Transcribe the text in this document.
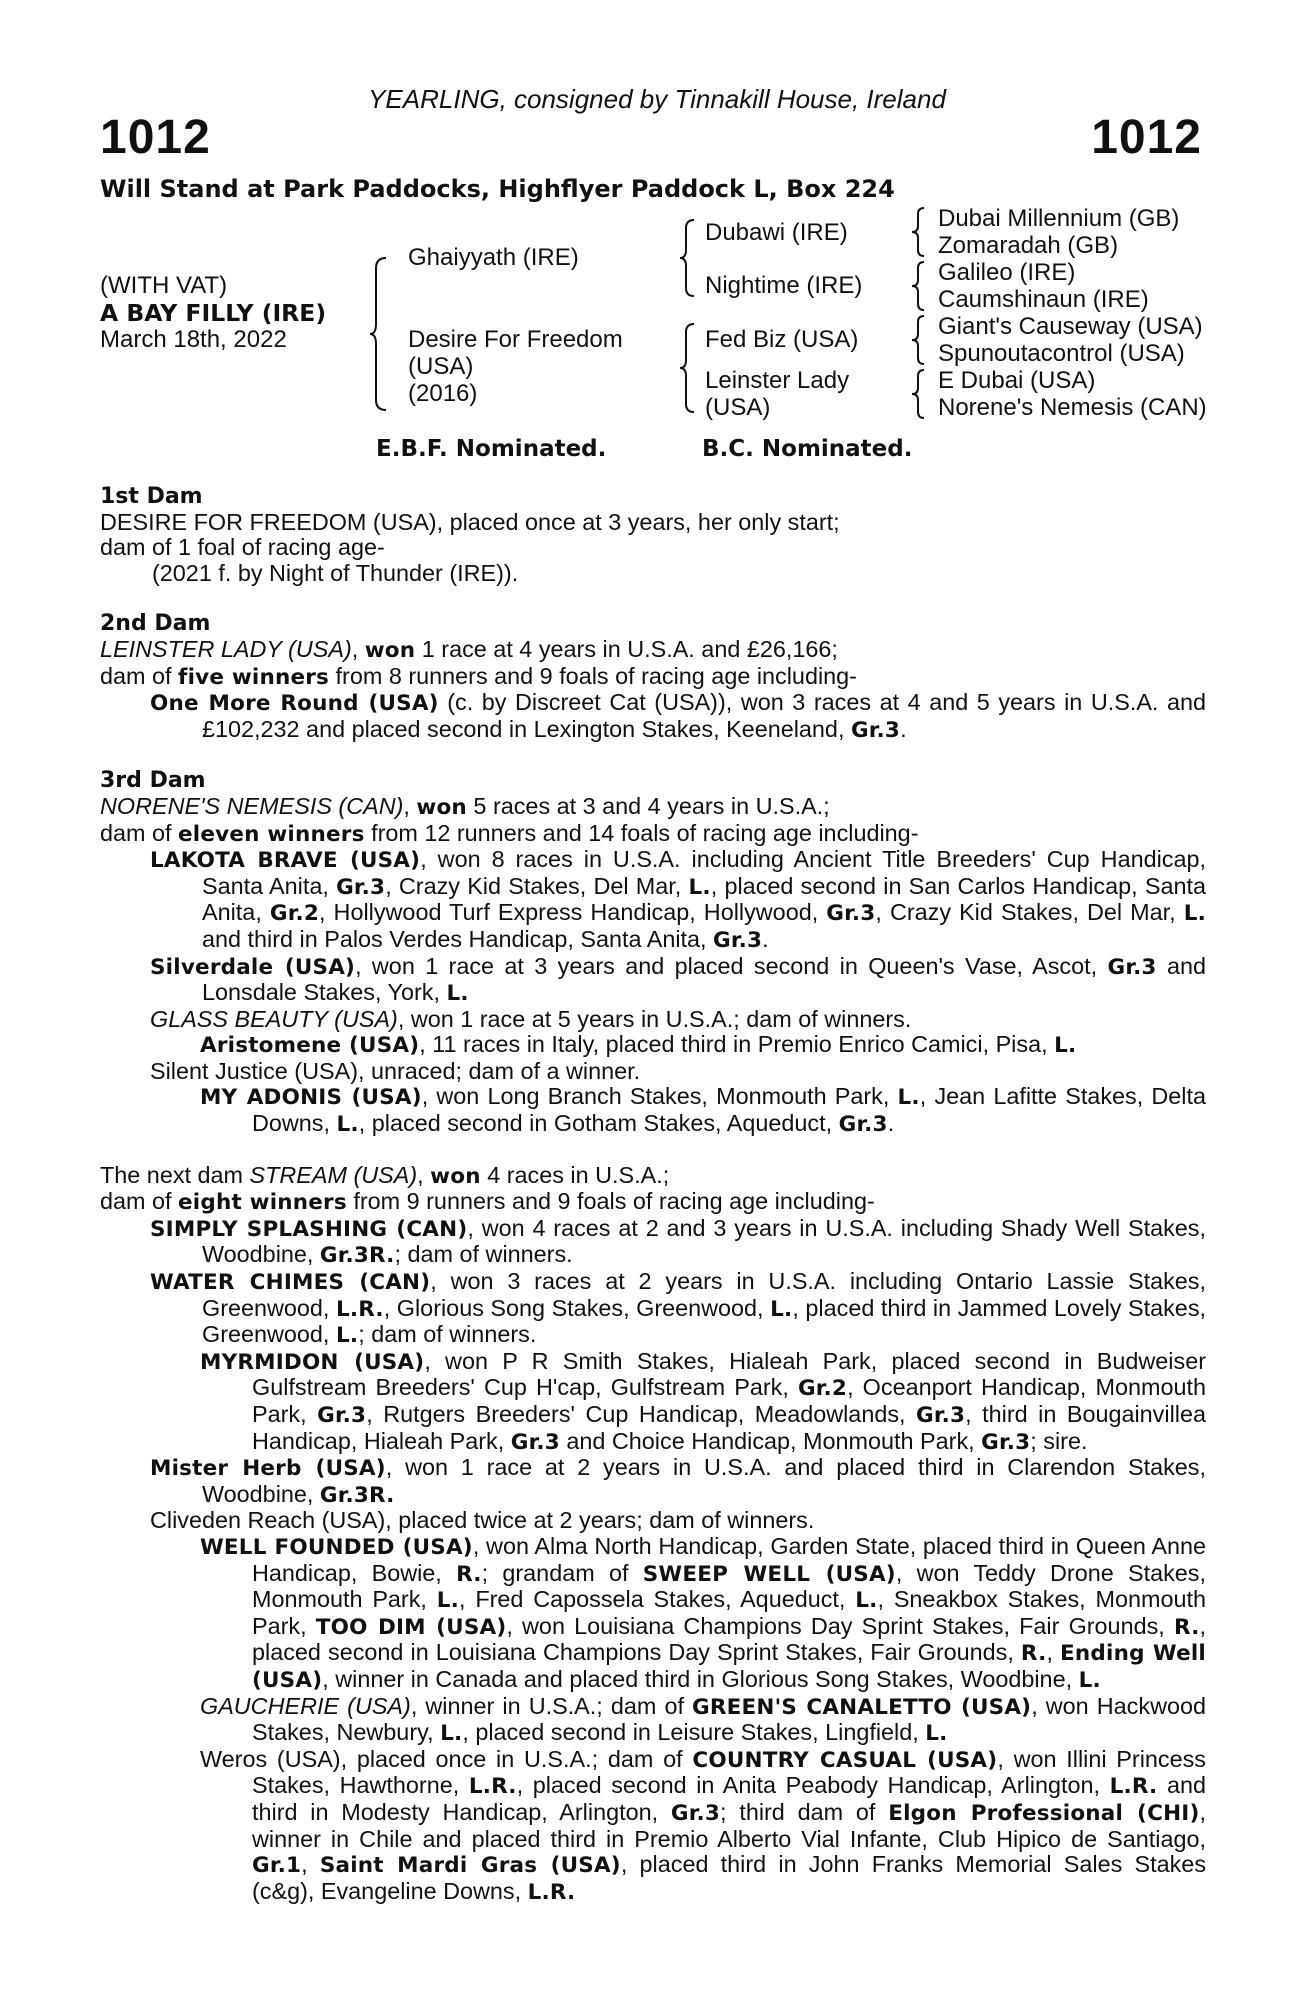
YEARLING, consigned by Tinnakill House, Ireland
1012	1012
Will Stand at Park Paddocks, Highflyer Paddock L, Box 224
(WITH VAT)
A BAY FILLY (IRE)
March 18th, 2022
Ghaiyyath (IRE)
Desire For Freedom
(USA)
(2016)
Dubawi (IRE)
Nightime (IRE)
Fed Biz (USA)
Leinster Lady
(USA)
Dubai Millennium (GB)
Zomaradah (GB)
Galileo (IRE)
Caumshinaun (IRE)
Giant's Causeway (USA)
Spunoutacontrol (USA)
E Dubai (USA)
Norene's Nemesis (CAN)
E.B.F. Nominated.	B.C. Nominated.
1st Dam
DESIRE FOR FREEDOM (USA), placed once at 3 years, her only start;
dam of 1 foal of racing age-
(2021 f. by Night of Thunder (IRE)).
2nd Dam
LEINSTER LADY (USA), won 1 race at 4 years in U.S.A. and £26,166;
dam of five winners from 8 runners and 9 foals of racing age including-
One More Round (USA) (c. by Discreet Cat (USA)), won 3 races at 4 and 5 years in U.S.A. and £102,232 and placed second in Lexington Stakes, Keeneland, Gr.3.
3rd Dam
NORENE'S NEMESIS (CAN), won 5 races at 3 and 4 years in U.S.A.;
dam of eleven winners from 12 runners and 14 foals of racing age including-
LAKOTA BRAVE (USA), won 8 races in U.S.A. including Ancient Title Breeders' Cup Handicap, Santa Anita, Gr.3, Crazy Kid Stakes, Del Mar, L., placed second in San Carlos Handicap, Santa Anita, Gr.2, Hollywood Turf Express Handicap, Hollywood, Gr.3, Crazy Kid Stakes, Del Mar, L. and third in Palos Verdes Handicap, Santa Anita, Gr.3.
Silverdale (USA), won 1 race at 3 years and placed second in Queen's Vase, Ascot, Gr.3 and Lonsdale Stakes, York, L.
GLASS BEAUTY (USA), won 1 race at 5 years in U.S.A.; dam of winners.
Aristomene (USA), 11 races in Italy, placed third in Premio Enrico Camici, Pisa, L.
Silent Justice (USA), unraced; dam of a winner.
MY ADONIS (USA), won Long Branch Stakes, Monmouth Park, L., Jean Lafitte Stakes, Delta Downs, L., placed second in Gotham Stakes, Aqueduct, Gr.3.
The next dam STREAM (USA), won 4 races in U.S.A.;
dam of eight winners from 9 runners and 9 foals of racing age including-
SIMPLY SPLASHING (CAN), won 4 races at 2 and 3 years in U.S.A. including Shady Well Stakes, Woodbine, Gr.3R.; dam of winners.
WATER CHIMES (CAN), won 3 races at 2 years in U.S.A. including Ontario Lassie Stakes, Greenwood, L.R., Glorious Song Stakes, Greenwood, L., placed third in Jammed Lovely Stakes, Greenwood, L.; dam of winners.
MYRMIDON (USA), won P R Smith Stakes, Hialeah Park, placed second in Budweiser Gulfstream Breeders' Cup H'cap, Gulfstream Park, Gr.2, Oceanport Handicap, Monmouth Park, Gr.3, Rutgers Breeders' Cup Handicap, Meadowlands, Gr.3, third in Bougainvillea Handicap, Hialeah Park, Gr.3 and Choice Handicap, Monmouth Park, Gr.3; sire.
Mister Herb (USA), won 1 race at 2 years in U.S.A. and placed third in Clarendon Stakes, Woodbine, Gr.3R.
Cliveden Reach (USA), placed twice at 2 years; dam of winners.
WELL FOUNDED (USA), won Alma North Handicap, Garden State, placed third in Queen Anne Handicap, Bowie, R.; grandam of SWEEP WELL (USA), won Teddy Drone Stakes, Monmouth Park, L., Fred Capossela Stakes, Aqueduct, L., Sneakbox Stakes, Monmouth Park, TOO DIM (USA), won Louisiana Champions Day Sprint Stakes, Fair Grounds, R., placed second in Louisiana Champions Day Sprint Stakes, Fair Grounds, R., Ending Well (USA), winner in Canada and placed third in Glorious Song Stakes, Woodbine, L.
GAUCHERIE (USA), winner in U.S.A.; dam of GREEN'S CANALETTO (USA), won Hackwood Stakes, Newbury, L., placed second in Leisure Stakes, Lingfield, L.
Weros (USA), placed once in U.S.A.; dam of COUNTRY CASUAL (USA), won Illini Princess Stakes, Hawthorne, L.R., placed second in Anita Peabody Handicap, Arlington, L.R. and third in Modesty Handicap, Arlington, Gr.3; third dam of Elgon Professional (CHI), winner in Chile and placed third in Premio Alberto Vial Infante, Club Hipico de Santiago, Gr.1, Saint Mardi Gras (USA), placed third in John Franks Memorial Sales Stakes (c&g), Evangeline Downs, L.R.
